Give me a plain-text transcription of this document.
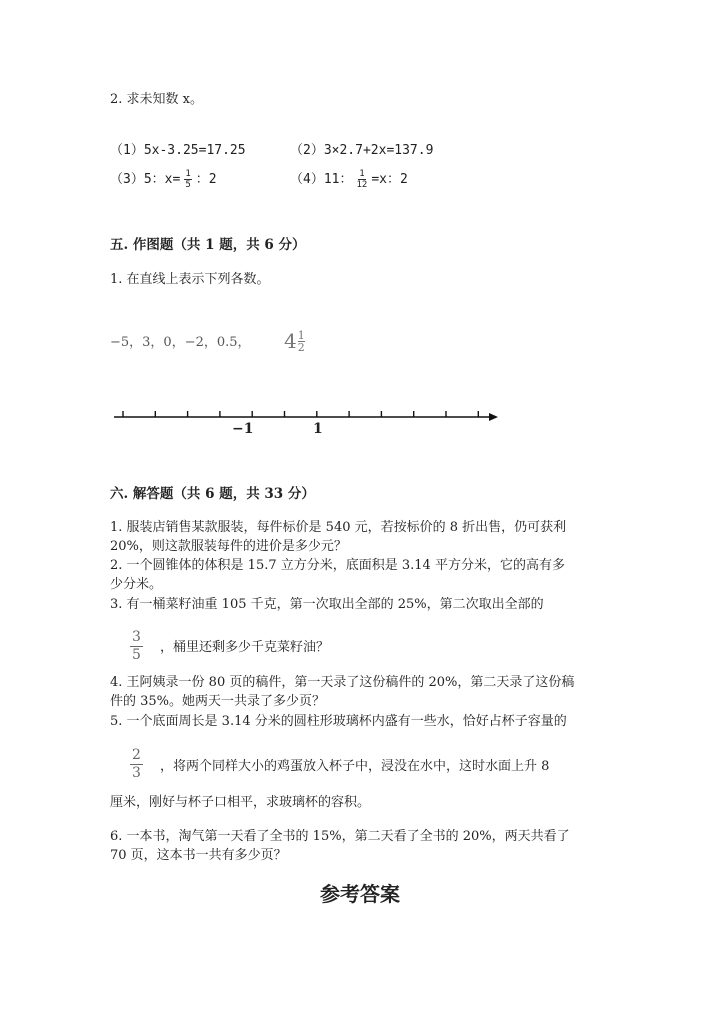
2. 求未知数 x。
（1）5x-3.25=17.25	（2）3×2.7+2x=137.9
（3）5：$x= \frac{1}{5}$ ：2	（4）11： $\frac{1}{12} =x$：2
五. 作图题（共 1 题，共 6 分）
1. 在直线上表示下列各数。
−5，3，0，−2，0.5， $4 \frac{1}{2}$
−1	1
六. 解答题（共 6 题，共 33 分）
1. 服装店销售某款服装，每件标价是 540 元，若按标价的 8 折出售，仍可获利
20%，则这款服装每件的进价是多少元？
2. 一个圆锥体的体积是 15.7 立方分米，底面积是 3.14 平方分米，它的高有多
少分米。
3. 有一桶菜籽油重 105 千克，第一次取出全部的 25%，第二次取出全部的
$\frac{3}{5}$ ，桶里还剩多少千克菜籽油？
4. 王阿姨录一份 80 页的稿件，第一天录了这份稿件的 20%，第二天录了这份稿
件的 35%。她两天一共录了多少页？
5. 一个底面周长是 3.14 分米的圆柱形玻璃杯内盛有一些水，恰好占杯子容量的
$\frac{2}{3}$ ，将两个同样大小的鸡蛋放入杯子中，浸没在水中，这时水面上升 8
厘米，刚好与杯子口相平，求玻璃杯的容积。
6. 一本书，淘气第一天看了全书的 15%，第二天看了全书的 20%，两天共看了
70 页，这本书一共有多少页？
参考答案
